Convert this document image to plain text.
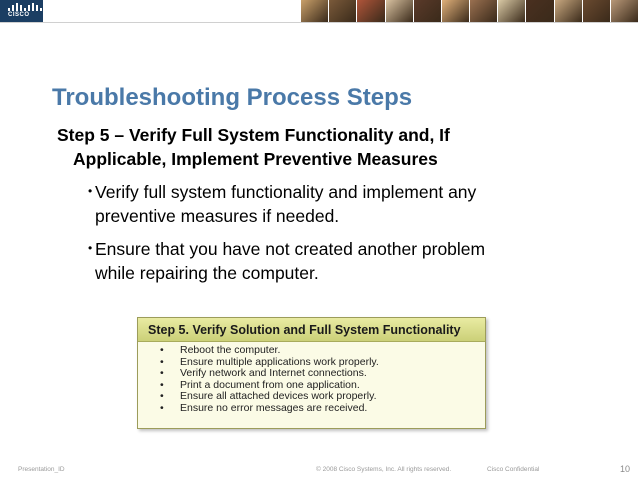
CISCO
Troubleshooting Process Steps
Step 5 – Verify Full System Functionality and, If
Applicable, Implement Preventive Measures
• Verify full system functionality and implement any
preventive measures if needed.
• Ensure that you have not created another problem
while repairing the computer.
Step 5. Verify Solution and Full System Functionality
•	Reboot the computer.
•	Ensure multiple applications work properly.
•	Verify network and Internet connections.
•	Print a document from one application.
•	Ensure all attached devices work properly.
•	Ensure no error messages are received.
Presentation_ID	© 2008 Cisco Systems, Inc. All rights reserved.	Cisco Confidential	10
